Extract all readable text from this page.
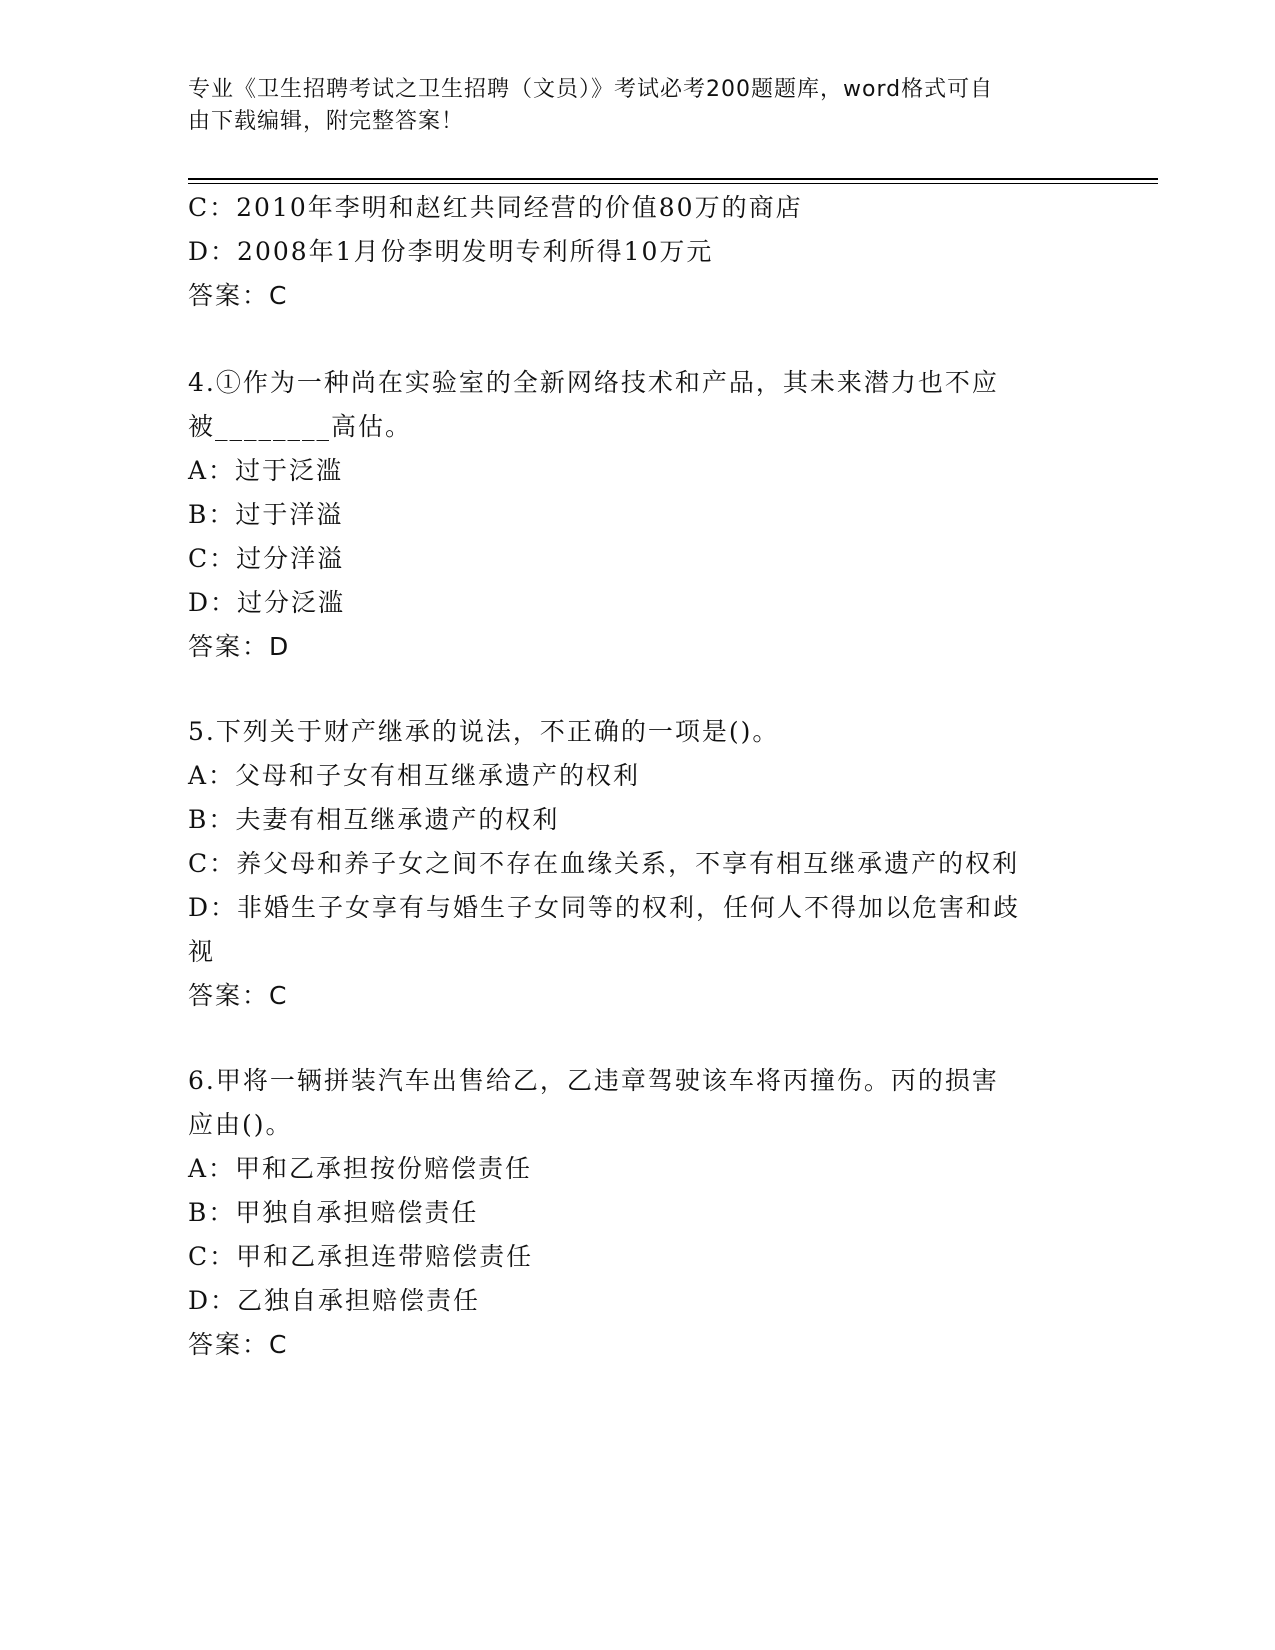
专业《卫生招聘考试之卫生招聘（文员）》考试必考200题题库，word格式可自
由下载编辑，附完整答案！
C：2010年李明和赵红共同经营的价值80万的商店
D：2008年1月份李明发明专利所得10万元
答案：C
4.①作为一种尚在实验室的全新网络技术和产品，其未来潜力也不应
被________高估。
A：过于泛滥
B：过于洋溢
C：过分洋溢
D：过分泛滥
答案：D
5.下列关于财产继承的说法，不正确的一项是()。
A：父母和子女有相互继承遗产的权利
B：夫妻有相互继承遗产的权利
C：养父母和养子女之间不存在血缘关系，不享有相互继承遗产的权利
D：非婚生子女享有与婚生子女同等的权利，任何人不得加以危害和歧
视
答案：C
6.甲将一辆拼装汽车出售给乙，乙违章驾驶该车将丙撞伤。丙的损害
应由()。
A：甲和乙承担按份赔偿责任
B：甲独自承担赔偿责任
C：甲和乙承担连带赔偿责任
D：乙独自承担赔偿责任
答案：C
